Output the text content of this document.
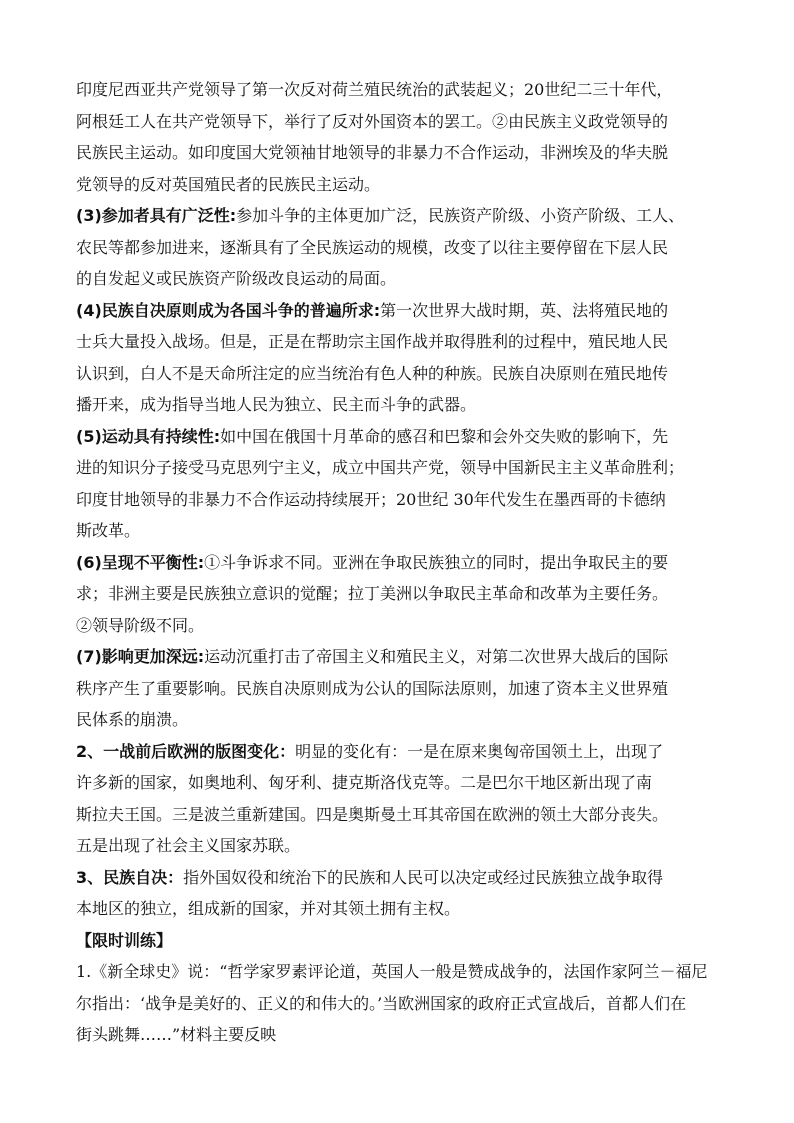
印度尼西亚共产党领导了第一次反对荷兰殖民统治的武装起义；20世纪二三十年代，
阿根廷工人在共产党领导下，举行了反对外国资本的罢工。②由民族主义政党领导的
民族民主运动。如印度国大党领袖甘地领导的非暴力不合作运动，非洲埃及的华夫脱
党领导的反对英国殖民者的民族民主运动。
(3)参加者具有广泛性:参加斗争的主体更加广泛，民族资产阶级、小资产阶级、工人、
农民等都参加进来，逐渐具有了全民族运动的规模，改变了以往主要停留在下层人民
的自发起义或民族资产阶级改良运动的局面。
(4)民族自决原则成为各国斗争的普遍所求:第一次世界大战时期，英、法将殖民地的
士兵大量投入战场。但是，正是在帮助宗主国作战并取得胜利的过程中，殖民地人民
认识到，白人不是天命所注定的应当统治有色人种的种族。民族自决原则在殖民地传
播开来，成为指导当地人民为独立、民主而斗争的武器。
(5)运动具有持续性:如中国在俄国十月革命的感召和巴黎和会外交失败的影响下，先
进的知识分子接受马克思列宁主义，成立中国共产党，领导中国新民主主义革命胜利；
印度甘地领导的非暴力不合作运动持续展开；20世纪 30年代发生在墨西哥的卡德纳
斯改革。
(6)呈现不平衡性:①斗争诉求不同。亚洲在争取民族独立的同时，提出争取民主的要
求；非洲主要是民族独立意识的觉醒；拉丁美洲以争取民主革命和改革为主要任务。
②领导阶级不同。
(7)影响更加深远:运动沉重打击了帝国主义和殖民主义，对第二次世界大战后的国际
秩序产生了重要影响。民族自决原则成为公认的国际法原则，加速了资本主义世界殖
民体系的崩溃。
2、一战前后欧洲的版图变化：明显的变化有：一是在原来奥匈帝国领土上，出现了
许多新的国家，如奥地利、匈牙利、捷克斯洛伐克等。二是巴尔干地区新出现了南
斯拉夫王国。三是波兰重新建国。四是奥斯曼土耳其帝国在欧洲的领土大部分丧失。
五是出现了社会主义国家苏联。
3、民族自决：指外国奴役和统治下的民族和人民可以决定或经过民族独立战争取得
本地区的独立，组成新的国家，并对其领土拥有主权。
【限时训练】
1.《新全球史》说：“哲学家罗素评论道，英国人一般是赞成战争的，法国作家阿兰－福尼
尔指出：‘战争是美好的、正义的和伟大的。’当欧洲国家的政府正式宣战后，首都人们在
街头跳舞……”材料主要反映
